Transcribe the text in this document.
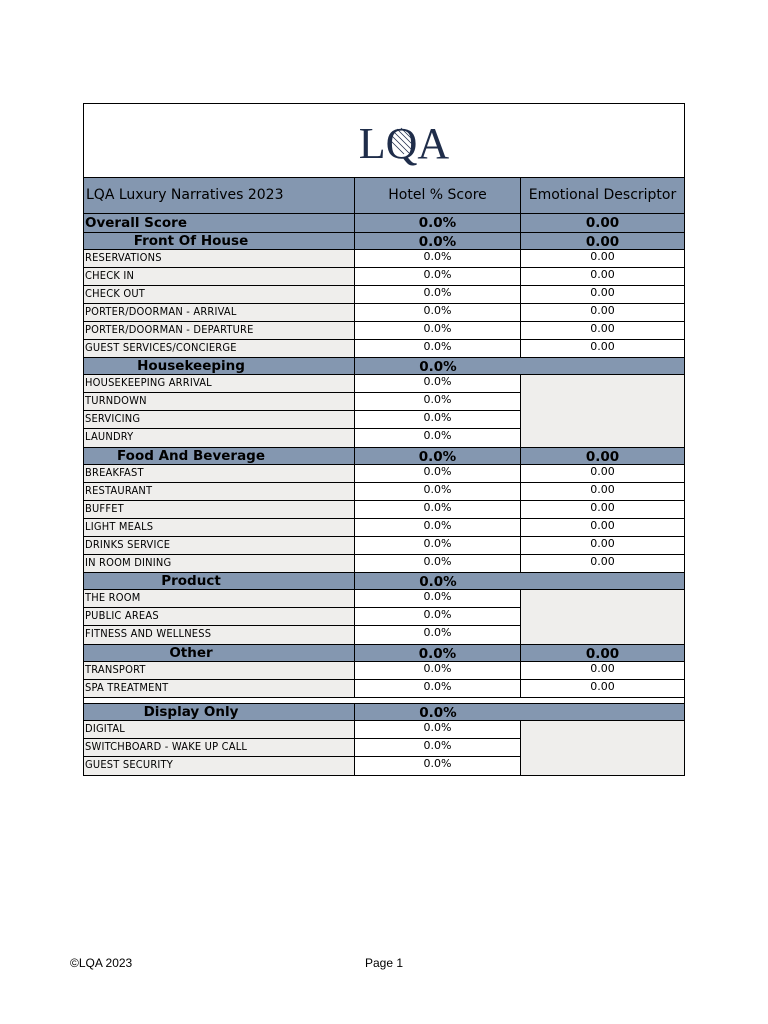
LQA
LQA Luxury Narratives 2023	Hotel % Score	Emotional Descriptor
Overall Score	0.0%	0.00
Front Of House	0.0%	0.00
RESERVATIONS	0.0%	0.00
CHECK IN	0.0%	0.00
CHECK OUT	0.0%	0.00
PORTER/DOORMAN - ARRIVAL	0.0%	0.00
PORTER/DOORMAN - DEPARTURE	0.0%	0.00
GUEST SERVICES/CONCIERGE	0.0%	0.00
Housekeeping	0.0%
HOUSEKEEPING ARRIVAL	0.0%
TURNDOWN	0.0%
SERVICING	0.0%
LAUNDRY	0.0%
Food And Beverage	0.0%	0.00
BREAKFAST	0.0%	0.00
RESTAURANT	0.0%	0.00
BUFFET	0.0%	0.00
LIGHT MEALS	0.0%	0.00
DRINKS SERVICE	0.0%	0.00
IN ROOM DINING	0.0%	0.00
Product	0.0%
THE ROOM	0.0%
PUBLIC AREAS	0.0%
FITNESS AND WELLNESS	0.0%
Other	0.0%	0.00
TRANSPORT	0.0%	0.00
SPA TREATMENT	0.0%	0.00
Display Only	0.0%
DIGITAL	0.0%
SWITCHBOARD - WAKE UP CALL	0.0%
GUEST SECURITY	0.0%
©LQA 2023	Page 1
